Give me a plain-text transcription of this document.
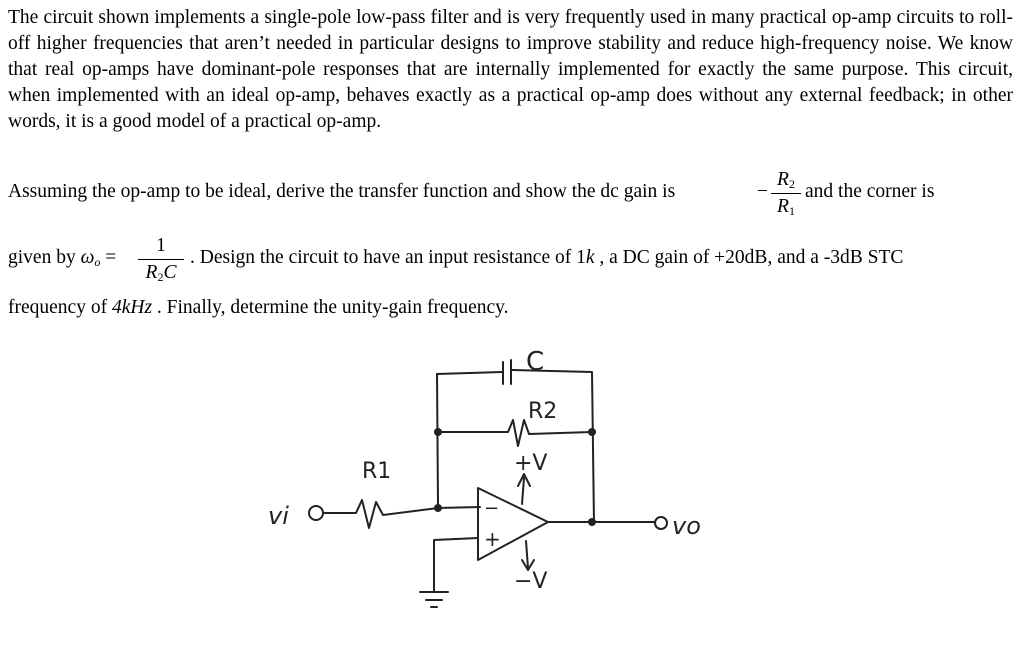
The circuit shown implements a single-pole low-pass filter and is very frequently used in many practical op-amp circuits to roll-off higher frequencies that aren’t needed in particular designs to improve stability and reduce high-frequency noise. We know that real op-amps have dominant-pole responses that are internally implemented for exactly the same purpose. This circuit, when implemented with an ideal op-amp, behaves exactly as a practical op-amp does without any external feedback; in other words, it is a good model of a practical op-amp.
Assuming the op-amp to be ideal, derive the transfer function and show the dc gain is	−
$R_2$
$R_1$
and the corner is
given by $\omega_o$ =
1
$R_2C$
. Design the circuit to have an input resistance of 1k , a DC gain of +20dB, and a -3dB STC
frequency of 4kHz . Finally, determine the unity-gain frequency.
C
R2
R1	+V
−V
vi	vo
−
+
